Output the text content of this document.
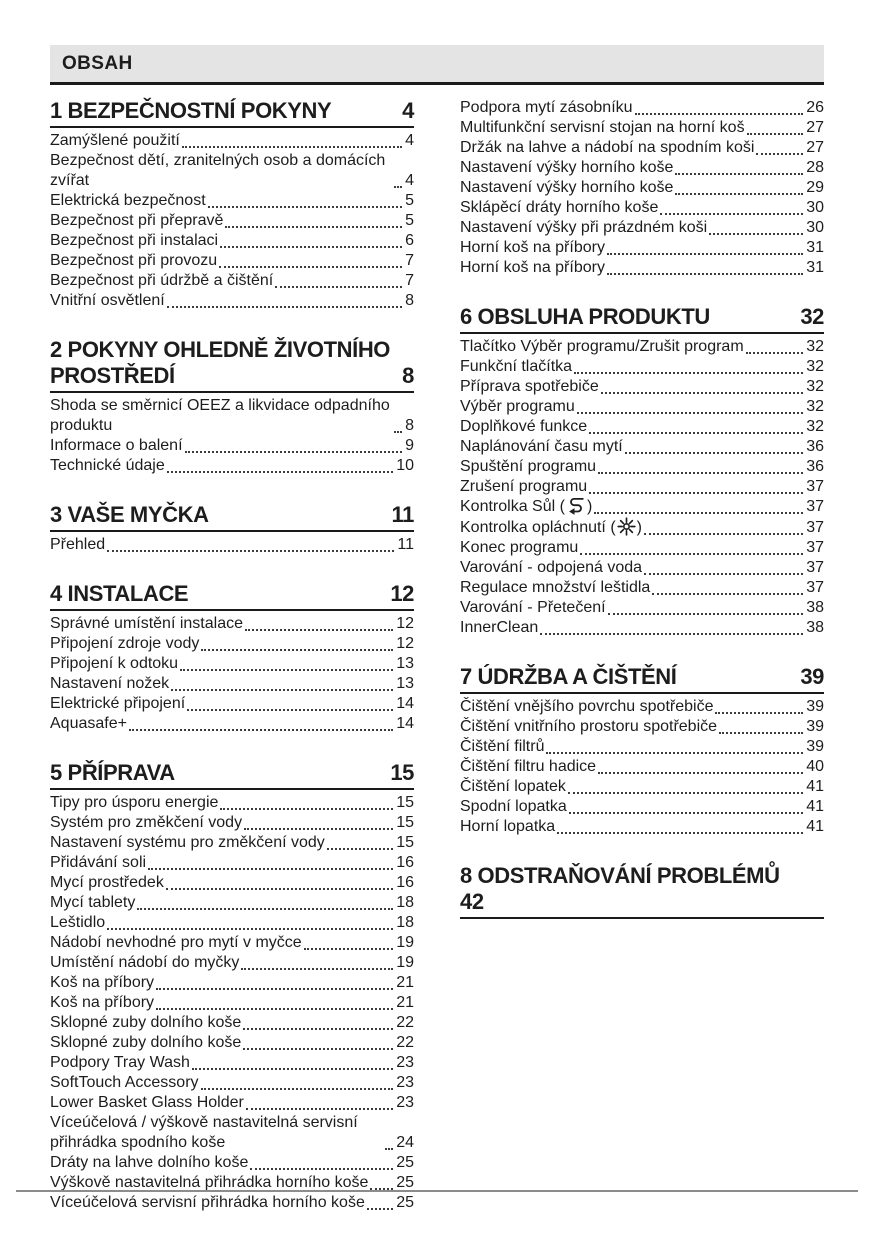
OBSAH
1 BEZPEČNOSTNÍ POKYNY	4
Zamýšlené použití	4
Bezpečnost dětí, zranitelných osob a domácích zvířat	4
Elektrická bezpečnost	5
Bezpečnost při přepravě	5
Bezpečnost při instalaci	6
Bezpečnost při provozu	7
Bezpečnost při údržbě a čištění	7
Vnitřní osvětlení	8
2 POKYNY OHLEDNĚ ŽIVOTNÍHO PROSTŘEDÍ	8
Shoda se směrnicí OEEZ a likvidace odpadního produktu	8
Informace o balení	9
Technické údaje	10
3 VAŠE MYČKA	11
Přehled	11
4 INSTALACE	12
Správné umístění instalace	12
Připojení zdroje vody	12
Připojení k odtoku	13
Nastavení nožek	13
Elektrické připojení	14
Aquasafe+	14
5 PŘÍPRAVA	15
Tipy pro úsporu energie	15
Systém pro změkčení vody	15
Nastavení systému pro změkčení vody	15
Přidávání soli	16
Mycí prostředek	16
Mycí tablety	18
Leštidlo	18
Nádobí nevhodné pro mytí v myčce	19
Umístění nádobí do myčky	19
Koš na příbory	21
Koš na příbory	21
Sklopné zuby dolního koše	22
Sklopné zuby dolního koše	22
Podpory Tray Wash	23
SoftTouch Accessory	23
Lower Basket Glass Holder	23
Víceúčelová / výškově nastavitelná servisní přihrádka spodního koše	24
Dráty na lahve dolního koše	25
Výškově nastavitelná přihrádka horního koše 25
Víceúčelová servisní přihrádka horního koše 25
Podpora mytí zásobníku	26
Multifunkční servisní stojan na horní koš	27
Držák na lahve a nádobí na spodním koši	27
Nastavení výšky horního koše	28
Nastavení výšky horního koše	29
Sklápěcí dráty horního koše	30
Nastavení výšky při prázdném koši	30
Horní koš na příbory	31
Horní koš na příbory	31
6 OBSLUHA PRODUKTU	32
Tlačítko Výběr programu/Zrušit program	32
Funkční tlačítka	32
Příprava spotřebiče	32
Výběr programu	32
Doplňkové funkce	32
Naplánování času mytí	36
Spuštění programu	36
Zrušení programu	37
Kontrolka Sůl ( )	37
Kontrolka opláchnutí ( )	37
Konec programu	37
Varování - odpojená voda	37
Regulace množství leštidla	37
Varování - Přetečení	38
InnerClean	38
7 ÚDRŽBA A ČIŠTĚNÍ	39
Čištění vnějšího povrchu spotřebiče	39
Čištění vnitřního prostoru spotřebiče	39
Čištění filtrů	39
Čištění filtru hadice	40
Čištění lopatek	41
Spodní lopatka	41
Horní lopatka	41
8 ODSTRAŇOVÁNÍ PROBLÉMŮ
42
